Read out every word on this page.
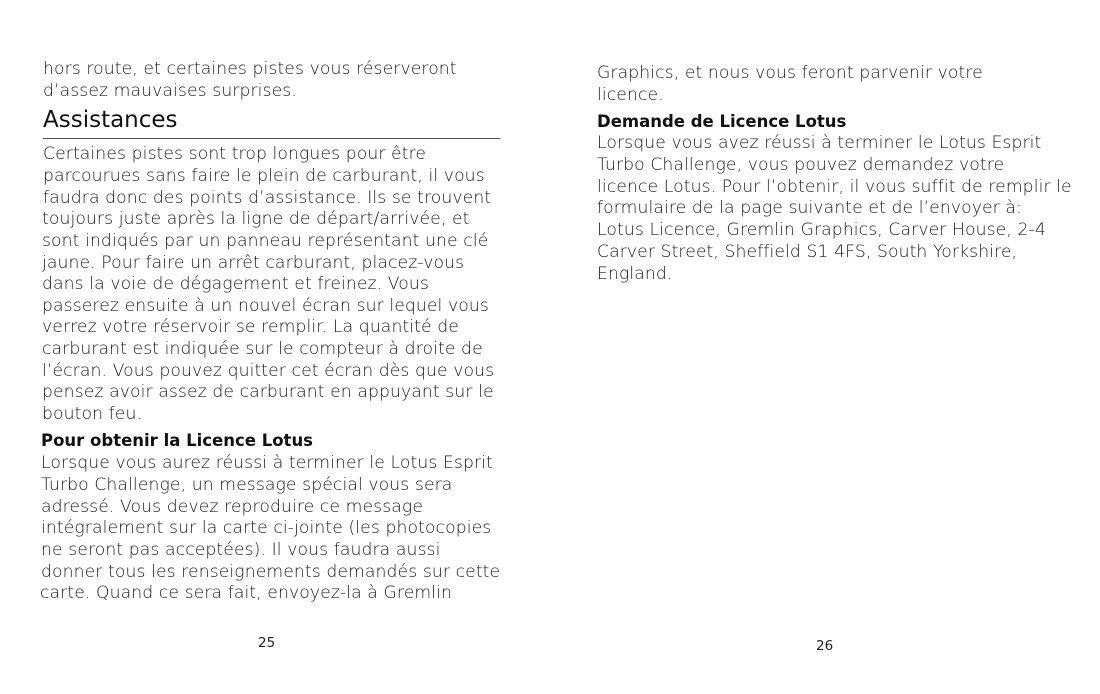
hors route, et certaines pistes vous réserveront
d’assez mauvaises surprises.
Assistances
Certaines pistes sont trop longues pour être
parcourues sans faire le plein de carburant, il vous
faudra donc des points d’assistance. Ils se trouvent
toujours juste après la ligne de départ/arrivée, et
sont indiqués par un panneau représentant une clé
jaune. Pour faire un arrêt carburant, placez-vous
dans la voie de dégagement et freinez. Vous
passerez ensuite à un nouvel écran sur lequel vous
verrez votre réservoir se remplir. La quantité de
carburant est indiquée sur le compteur à droite de
l’écran. Vous pouvez quitter cet écran dès que vous
pensez avoir assez de carburant en appuyant sur le
bouton feu.
Pour obtenir la Licence Lotus
Lorsque vous aurez réussi à terminer le Lotus Esprit
Turbo Challenge, un message spécial vous sera
adressé. Vous devez reproduire ce message
intégralement sur la carte ci-jointe (les photocopies
ne seront pas acceptées). Il vous faudra aussi
donner tous les renseignements demandés sur cette
carte. Quand ce sera fait, envoyez-la à Gremlin
25
Graphics, et nous vous feront parvenir votre
licence.
Demande de Licence Lotus
Lorsque vous avez réussi à terminer le Lotus Esprit
Turbo Challenge, vous pouvez demandez votre
licence Lotus. Pour l’obtenir, il vous suffit de remplir le
formulaire de la page suivante et de l’envoyer à:
Lotus Licence, Gremlin Graphics, Carver House, 2-4
Carver Street, Sheffield S1 4FS, South Yorkshire,
England.
26
